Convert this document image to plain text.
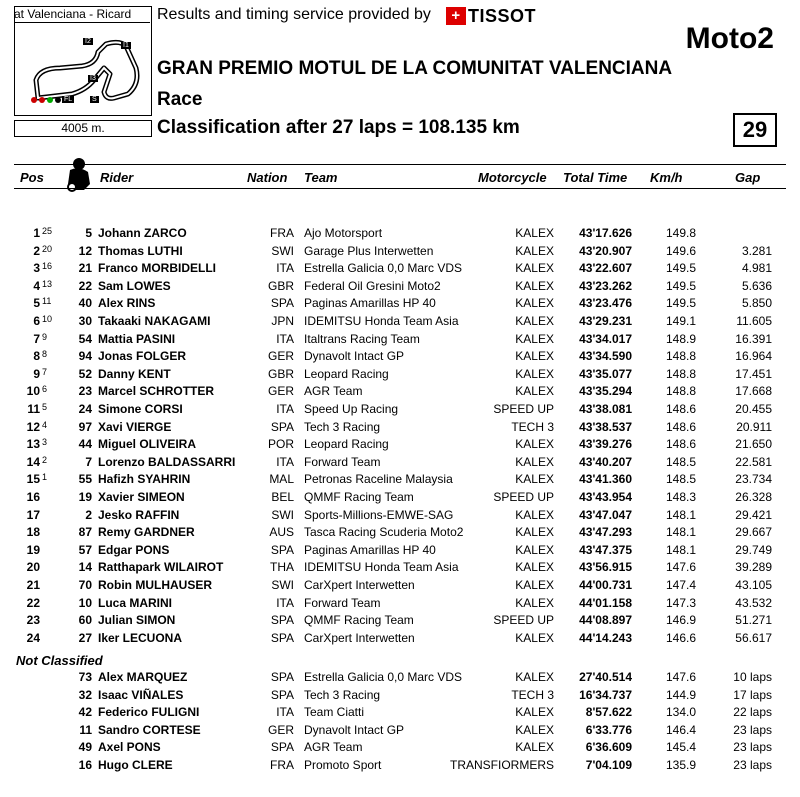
at Valenciana - Ricard
I2
I1
I3
FL	S
4005 m.
Results and timing service provided by	+ TISSOT
Moto2
GRAN PREMIO MOTUL DE LA COMUNITAT VALENCIANA
Race
Classification after 27 laps = 108.135 km	29
Pos	Rider	Nation Team	Motorcycle Total Time Km/h	Gap
1 25	5 Johann ZARCO	FRA Ajo Motorsport	KALEX	43'17.626	149.8
2 20	12 Thomas LUTHI	SWI Garage Plus Interwetten	KALEX	43'20.907	149.6	3.281
3 16	21 Franco MORBIDELLI	ITA Estrella Galicia 0,0 Marc VDS	KALEX	43'22.607	149.5	4.981
4 13	22 Sam LOWES	GBR Federal Oil Gresini Moto2	KALEX	43'23.262	149.5	5.636
5 11	40 Alex RINS	SPA Paginas Amarillas HP 40	KALEX	43'23.476	149.5	5.850
6 10	30 Takaaki NAKAGAMI	JPN IDEMITSU Honda Team Asia	KALEX	43'29.231	149.1	11.605
7 9	54 Mattia PASINI	ITA Italtrans Racing Team	KALEX	43'34.017	148.9	16.391
8 8	94 Jonas FOLGER	GER Dynavolt Intact GP	KALEX	43'34.590	148.8	16.964
9 7	52 Danny KENT	GBR Leopard Racing	KALEX	43'35.077	148.8	17.451
10 6	23 Marcel SCHROTTER	GER AGR Team	KALEX	43'35.294	148.8	17.668
11 5	24 Simone CORSI	ITA Speed Up Racing	SPEED UP	43'38.081	148.6	20.455
12 4	97 Xavi VIERGE	SPA Tech 3 Racing	TECH 3	43'38.537	148.6	20.911
13 3	44 Miguel OLIVEIRA	POR Leopard Racing	KALEX	43'39.276	148.6	21.650
14 2	7 Lorenzo BALDASSARRI	ITA Forward Team	KALEX	43'40.207	148.5	22.581
15 1	55 Hafizh SYAHRIN	MAL Petronas Raceline Malaysia	KALEX	43'41.360	148.5	23.734
16	19 Xavier SIMEON	BEL QMMF Racing Team	SPEED UP	43'43.954	148.3	26.328
17	2 Jesko RAFFIN	SWI Sports-Millions-EMWE-SAG	KALEX	43'47.047	148.1	29.421
18	87 Remy GARDNER	AUS Tasca Racing Scuderia Moto2	KALEX	43'47.293	148.1	29.667
19	57 Edgar PONS	SPA Paginas Amarillas HP 40	KALEX	43'47.375	148.1	29.749
20	14 Ratthapark WILAIROT	THA IDEMITSU Honda Team Asia	KALEX	43'56.915	147.6	39.289
21	70 Robin MULHAUSER	SWI CarXpert Interwetten	KALEX	44'00.731	147.4	43.105
22	10 Luca MARINI	ITA Forward Team	KALEX	44'01.158	147.3	43.532
23	60 Julian SIMON	SPA QMMF Racing Team	SPEED UP	44'08.897	146.9	51.271
24	27 Iker LECUONA	SPA CarXpert Interwetten	KALEX	44'14.243	146.6	56.617
Not Classified
73 Alex MARQUEZ	SPA Estrella Galicia 0,0 Marc VDS	KALEX	27'40.514	147.6	10 laps
32 Isaac VIÑALES	SPA Tech 3 Racing	TECH 3	16'34.737	144.9	17 laps
42 Federico FULIGNI	ITA Team Ciatti	KALEX	8'57.622	134.0	22 laps
11 Sandro CORTESE	GER Dynavolt Intact GP	KALEX	6'33.776	146.4	23 laps
49 Axel PONS	SPA AGR Team	KALEX	6'36.609	145.4	23 laps
16 Hugo CLERE	FRA Promoto Sport	TRANSFIORMERS	7'04.109	135.9	23 laps
